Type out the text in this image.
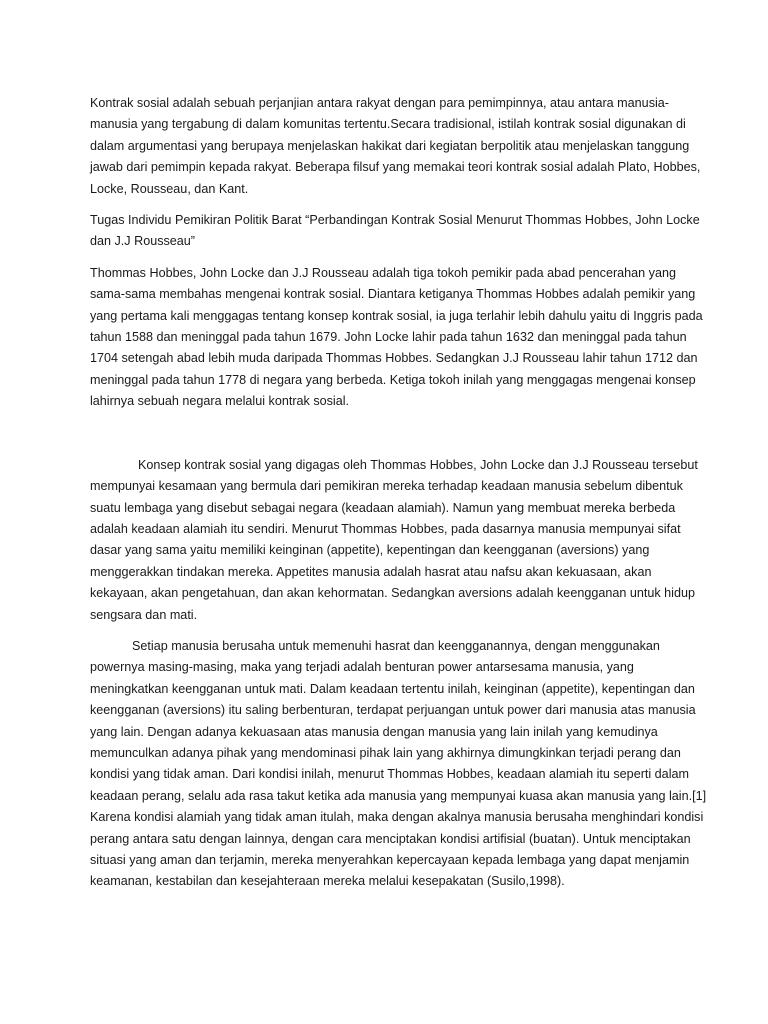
Kontrak sosial adalah sebuah perjanjian antara rakyat dengan para pemimpinnya, atau antara manusia-manusia yang tergabung di dalam komunitas tertentu.Secara tradisional, istilah kontrak sosial digunakan di dalam argumentasi yang berupaya menjelaskan hakikat dari kegiatan berpolitik atau menjelaskan tanggung jawab dari pemimpin kepada rakyat. Beberapa filsuf yang memakai teori kontrak sosial adalah Plato, Hobbes, Locke, Rousseau, dan Kant.

Tugas Individu Pemikiran Politik Barat “Perbandingan Kontrak Sosial Menurut Thommas Hobbes, John Locke dan J.J Rousseau”

Thommas Hobbes, John Locke dan J.J Rousseau adalah tiga tokoh pemikir pada abad pencerahan yang sama-sama membahas mengenai kontrak sosial. Diantara ketiganya Thommas Hobbes adalah pemikir yang yang pertama kali menggagas tentang konsep kontrak sosial, ia juga terlahir lebih dahulu yaitu di Inggris pada tahun 1588 dan meninggal pada tahun 1679. John Locke lahir pada tahun 1632 dan meninggal pada tahun 1704 setengah abad lebih muda daripada Thommas Hobbes. Sedangkan J.J Rousseau lahir tahun 1712 dan meninggal pada tahun 1778 di negara yang berbeda. Ketiga tokoh inilah yang menggagas mengenai konsep lahirnya sebuah negara melalui kontrak sosial.

Konsep kontrak sosial yang digagas oleh Thommas Hobbes, John Locke dan J.J Rousseau tersebut mempunyai kesamaan yang bermula dari pemikiran mereka terhadap keadaan manusia sebelum dibentuk suatu lembaga yang disebut sebagai negara (keadaan alamiah). Namun yang membuat mereka berbeda adalah keadaan alamiah itu sendiri. Menurut Thommas Hobbes, pada dasarnya manusia mempunyai sifat dasar yang sama yaitu memiliki keinginan (appetite), kepentingan dan keengganan (aversions) yang menggerakkan tindakan mereka. Appetites manusia adalah hasrat atau nafsu akan kekuasaan, akan kekayaan, akan pengetahuan, dan akan kehormatan. Sedangkan aversions adalah keengganan untuk hidup sengsara dan mati.

Setiap manusia berusaha untuk memenuhi hasrat dan keengganannya, dengan menggunakan powernya masing-masing, maka yang terjadi adalah benturan power antarsesama manusia, yang meningkatkan keengganan untuk mati. Dalam keadaan tertentu inilah, keinginan (appetite), kepentingan dan keengganan (aversions) itu saling berbenturan, terdapat perjuangan untuk power dari manusia atas manusia yang lain. Dengan adanya kekuasaan atas manusia dengan manusia yang lain inilah yang kemudinya memunculkan adanya pihak yang mendominasi pihak lain yang akhirnya dimungkinkan terjadi perang dan kondisi yang tidak aman. Dari kondisi inilah, menurut Thommas Hobbes, keadaan alamiah itu seperti dalam keadaan perang, selalu ada rasa takut ketika ada manusia yang mempunyai kuasa akan manusia yang lain.[1] Karena kondisi alamiah yang tidak aman itulah, maka dengan akalnya manusia berusaha menghindari kondisi perang antara satu dengan lainnya, dengan cara menciptakan kondisi artifisial (buatan). Untuk menciptakan situasi yang aman dan terjamin, mereka menyerahkan kepercayaan kepada lembaga yang dapat menjamin keamanan, kestabilan dan kesejahteraan mereka melalui kesepakatan (Susilo,1998).
